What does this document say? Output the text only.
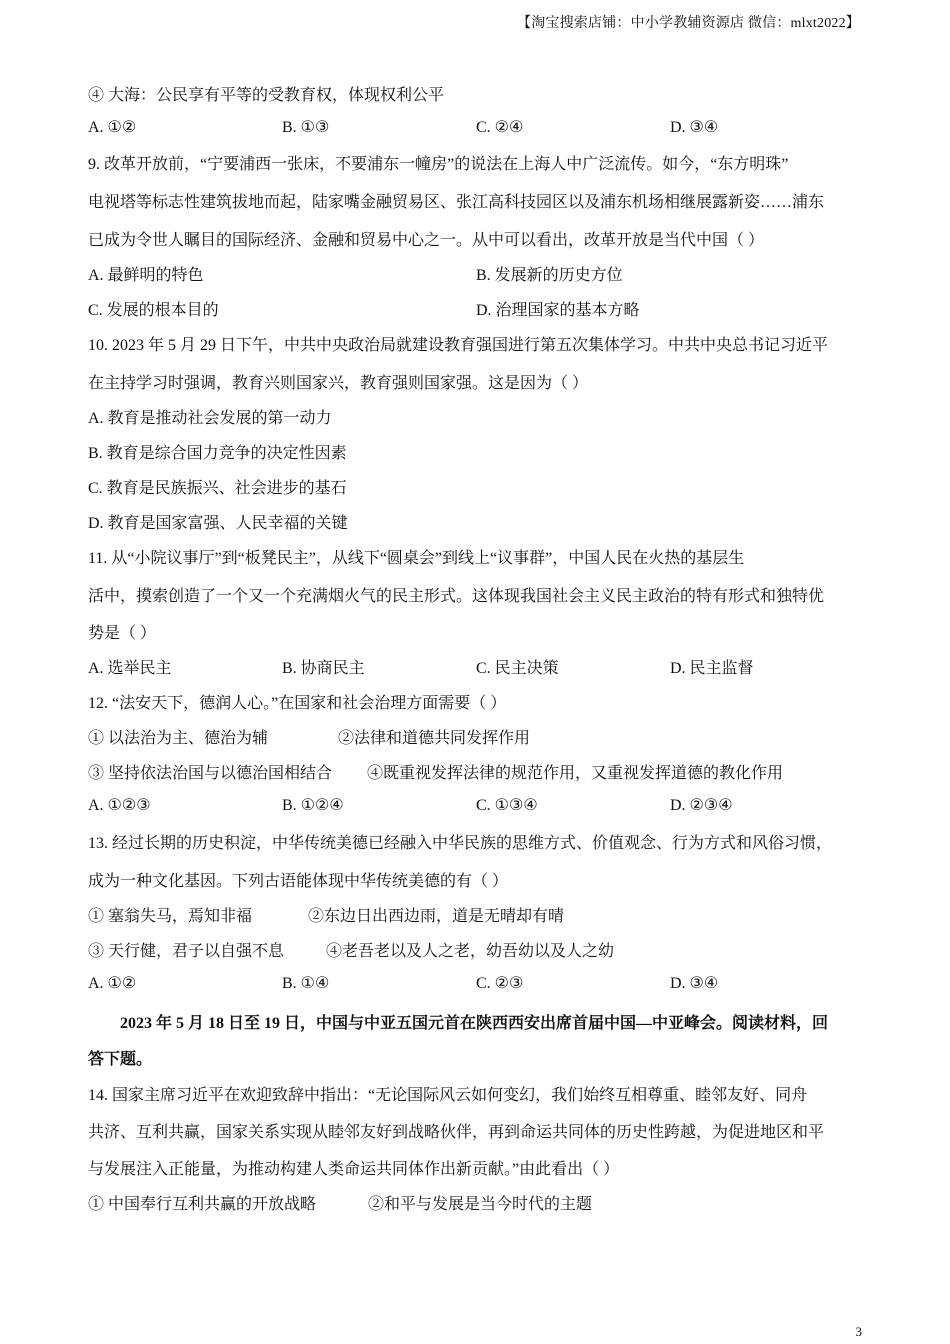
【淘宝搜索店铺：中小学教辅资源店 微信：mlxt2022】
④ 大海：公民享有平等的受教育权，体现权利公平
A. ①②	B. ①③	C. ②④	D. ③④
9. 改革开放前，“宁要浦西一张床，不要浦东一幢房”的说法在上海人中广泛流传。如今，“东方明珠”
电视塔等标志性建筑拔地而起，陆家嘴金融贸易区、张江高科技园区以及浦东机场相继展露新姿……浦东
已成为令世人瞩目的国际经济、金融和贸易中心之一。从中可以看出，改革开放是当代中国（ ）
A. 最鲜明的特色	B. 发展新的历史方位
C. 发展的根本目的	D. 治理国家的基本方略
10. 2023 年 5 月 29 日下午，中共中央政治局就建设教育强国进行第五次集体学习。中共中央总书记习近平
在主持学习时强调，教育兴则国家兴，教育强则国家强。这是因为（ ）
A. 教育是推动社会发展的第一动力
B. 教育是综合国力竞争的决定性因素
C. 教育是民族振兴、社会进步的基石
D. 教育是国家富强、人民幸福的关键
11. 从“小院议事厅”到“板凳民主”，从线下“圆桌会”到线上“议事群”，中国人民在火热的基层生
活中，摸索创造了一个又一个充满烟火气的民主形式。这体现我国社会主义民主政治的特有形式和独特优
势是（ ）
A. 选举民主	B. 协商民主	C. 民主决策	D. 民主监督
12. “法安天下，德润人心。”在国家和社会治理方面需要（ ）
① 以法治为主、德治为辅	②法律和道德共同发挥作用
③ 坚持依法治国与以德治国相结合 ④既重视发挥法律的规范作用，又重视发挥道德的教化作用
A. ①②③	B. ①②④	C. ①③④	D. ②③④
13. 经过长期的历史积淀，中华传统美德已经融入中华民族的思维方式、价值观念、行为方式和风俗习惯，
成为一种文化基因。下列古语能体现中华传统美德的有（ ）
① 塞翁失马，焉知非福	②东边日出西边雨，道是无晴却有晴
③ 天行健，君子以自强不息	④老吾老以及人之老，幼吾幼以及人之幼
A. ①②	B. ①④	C. ②③	D. ③④
2023 年 5 月 18 日至 19 日，中国与中亚五国元首在陕西西安出席首届中国—中亚峰会。阅读材料，回
答下题。
14. 国家主席习近平在欢迎致辞中指出：“无论国际风云如何变幻，我们始终互相尊重、睦邻友好、同舟
共济、互利共赢，国家关系实现从睦邻友好到战略伙伴，再到命运共同体的历史性跨越，为促进地区和平
与发展注入正能量，为推动构建人类命运共同体作出新贡献。”由此看出（ ）
① 中国奉行互利共赢的开放战略	②和平与发展是当今时代的主题
3
